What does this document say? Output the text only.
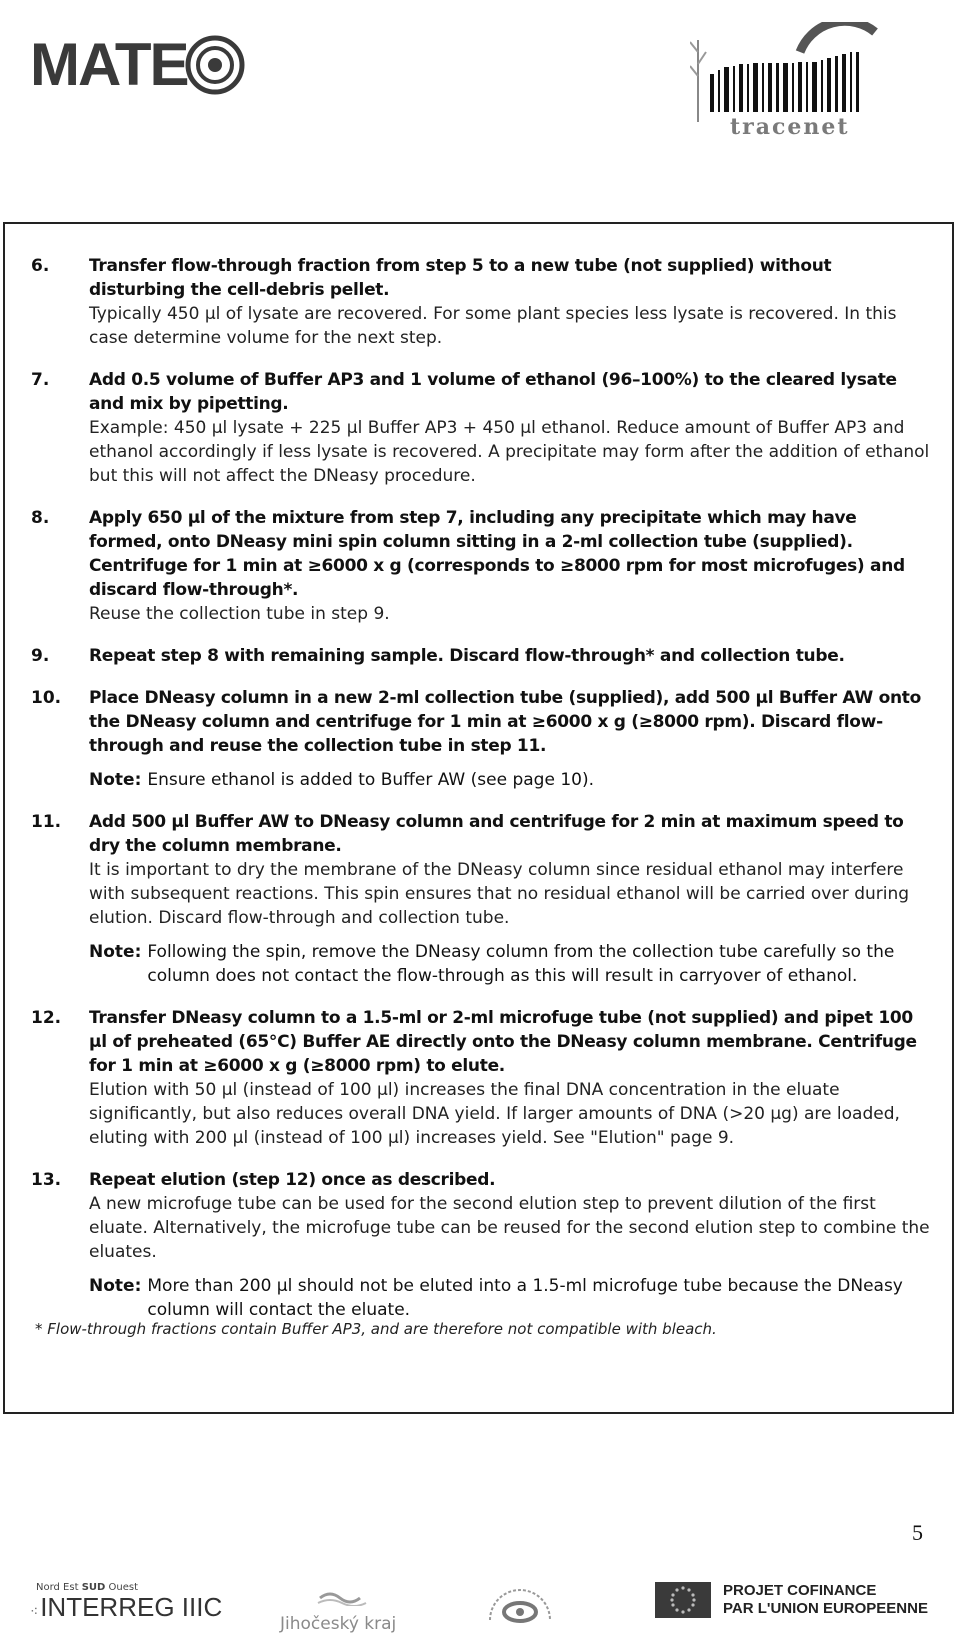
MATE
tracenet
6.	Transfer flow-through fraction from step 5 to a new tube (not supplied) without disturbing the cell-debris pellet.
Typically 450 µl of lysate are recovered. For some plant species less lysate is recovered. In this case determine volume for the next step.
7.	Add 0.5 volume of Buffer AP3 and 1 volume of ethanol (96–100%) to the cleared lysate and mix by pipetting.
Example: 450 µl lysate + 225 µl Buffer AP3 + 450 µl ethanol. Reduce amount of Buffer AP3 and ethanol accordingly if less lysate is recovered. A precipitate may form after the addition of ethanol but this will not affect the DNeasy procedure.
8.	Apply 650 µl of the mixture from step 7, including any precipitate which may have formed, onto DNeasy mini spin column sitting in a 2-ml collection tube (supplied). Centrifuge for 1 min at ≥6000 x g (corresponds to ≥8000 rpm for most microfuges) and discard flow-through*.
Reuse the collection tube in step 9.
9.	Repeat step 8 with remaining sample. Discard flow-through* and collection tube.
10.	Place DNeasy column in a new 2-ml collection tube (supplied), add 500 µl Buffer AW onto the DNeasy column and centrifuge for 1 min at ≥6000 x g (≥8000 rpm). Discard flow-through and reuse the collection tube in step 11.
Note: Ensure ethanol is added to Buffer AW (see page 10).
11.	Add 500 µl Buffer AW to DNeasy column and centrifuge for 2 min at maximum speed to dry the column membrane.
It is important to dry the membrane of the DNeasy column since residual ethanol may interfere with subsequent reactions. This spin ensures that no residual ethanol will be carried over during elution. Discard flow-through and collection tube.
Note: Following the spin, remove the DNeasy column from the collection tube carefully so the column does not contact the flow-through as this will result in carryover of ethanol.
12.	Transfer DNeasy column to a 1.5-ml or 2-ml microfuge tube (not supplied) and pipet 100 µl of preheated (65°C) Buffer AE directly onto the DNeasy column membrane. Centrifuge for 1 min at ≥6000 x g (≥8000 rpm) to elute.
Elution with 50 µl (instead of 100 µl) increases the final DNA concentration in the eluate significantly, but also reduces overall DNA yield. If larger amounts of DNA (>20 µg) are loaded, eluting with 200 µl (instead of 100 µl) increases yield. See "Elution" page 9.
13.	Repeat elution (step 12) once as described.
A new microfuge tube can be used for the second elution step to prevent dilution of the first eluate. Alternatively, the microfuge tube can be reused for the second elution step to combine the eluates.
Note: More than 200 µl should not be eluted into a 1.5-ml microfuge tube because the DNeasy column will contact the eluate.
* Flow-through fractions contain Buffer AP3, and are therefore not compatible with bleach.
5
Nord Est SUD Ouest
⁖INTERREG IIIC
Jihočeský kraj
PROJET COFINANCE
PAR L'UNION EUROPEENNE
